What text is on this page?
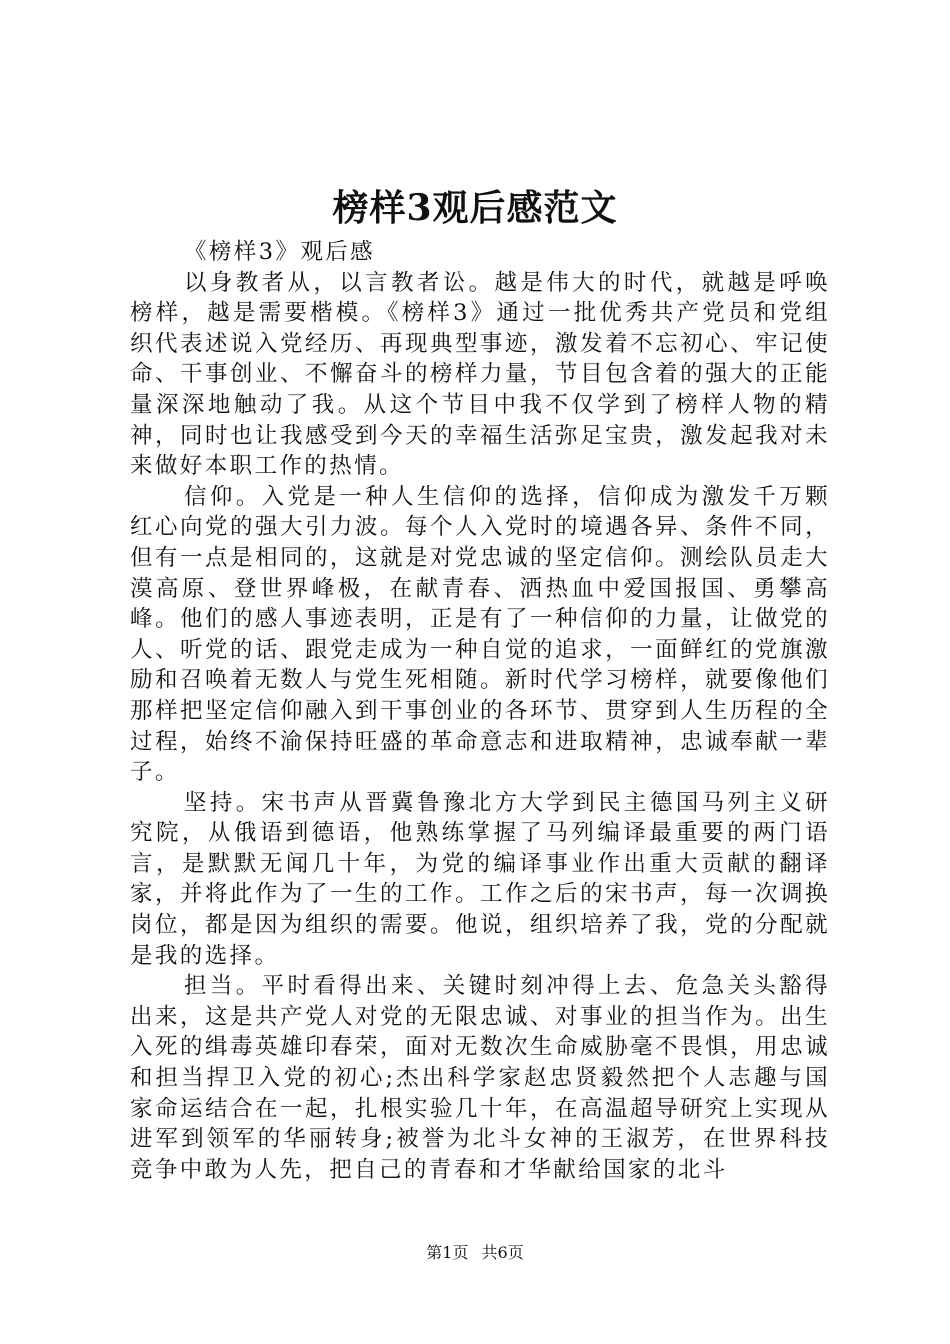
榜样3观后感范文

《榜样3》观后感

以身教者从，以言教者讼。越是伟大的时代，就越是呼唤榜样，越是需要楷模。《榜样3》通过一批优秀共产党员和党组织代表述说入党经历、再现典型事迹，激发着不忘初心、牢记使命、干事创业、不懈奋斗的榜样力量，节目包含着的强大的正能量深深地触动了我。从这个节目中我不仅学到了榜样人物的精神，同时也让我感受到今天的幸福生活弥足宝贵，激发起我对未来做好本职工作的热情。

信仰。入党是一种人生信仰的选择，信仰成为激发千万颗红心向党的强大引力波。每个人入党时的境遇各异、条件不同，但有一点是相同的，这就是对党忠诚的坚定信仰。测绘队员走大漠高原、登世界峰极，在献青春、洒热血中爱国报国、勇攀高峰。他们的感人事迹表明，正是有了一种信仰的力量，让做党的人、听党的话、跟党走成为一种自觉的追求，一面鲜红的党旗激励和召唤着无数人与党生死相随。新时代学习榜样，就要像他们那样把坚定信仰融入到干事创业的各环节、贯穿到人生历程的全过程，始终不渝保持旺盛的革命意志和进取精神，忠诚奉献一辈子。

坚持。宋书声从晋冀鲁豫北方大学到民主德国马列主义研究院，从俄语到德语，他熟练掌握了马列编译最重要的两门语言，是默默无闻几十年，为党的编译事业作出重大贡献的翻译家，并将此作为了一生的工作。工作之后的宋书声，每一次调换岗位，都是因为组织的需要。他说，组织培养了我，党的分配就是我的选择。

担当。平时看得出来、关键时刻冲得上去、危急关头豁得出来，这是共产党人对党的无限忠诚、对事业的担当作为。出生入死的缉毒英雄印春荣，面对无数次生命威胁毫不畏惧，用忠诚和担当捍卫入党的初心;杰出科学家赵忠贤毅然把个人志趣与国家命运结合在一起，扎根实验几十年，在高温超导研究上实现从进军到领军的华丽转身;被誉为北斗女神的王淑芳，在世界科技竞争中敢为人先，把自己的青春和才华献给国家的北斗

第1页 共6页
